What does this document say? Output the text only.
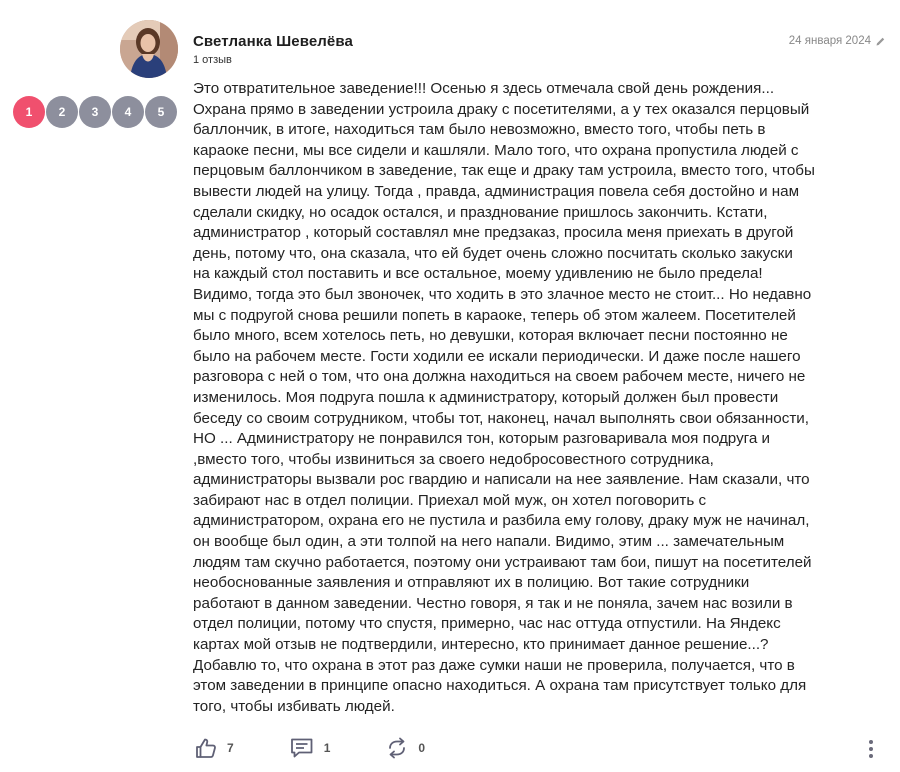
Светланка Шевелёва
1 отзыв
24 января 2024
1	2	3	4	5

Это отвратительное заведение!!! Осенью я здесь отмечала свой день рождения...
Охрана прямо в заведении устроила драку с посетителями, а у тех оказался перцовый
баллончик, в итоге, находиться там было невозможно, вместо того, чтобы петь в
караоке песни, мы все сидели и кашляли. Мало того, что охрана пропустила людей с
перцовым баллончиком в заведение, так еще и драку там устроила, вместо того, чтобы
вывести людей на улицу. Тогда , правда, администрация повела себя достойно и нам
сделали скидку, но осадок остался, и празднование пришлось закончить. Кстати,
администратор , который составлял мне предзаказ, просила меня приехать в другой
день, потому что, она сказала, что ей будет очень сложно посчитать сколько закуски
на каждый стол поставить и все остальное, моему удивлению не было предела!
Видимо, тогда это был звоночек, что ходить в это злачное место не стоит... Но недавно
мы с подругой снова решили попеть в караоке, теперь об этом жалеем. Посетителей
было много, всем хотелось петь, но девушки, которая включает песни постоянно не
было на рабочем месте. Гости ходили ее искали периодически. И даже после нашего
разговора с ней о том, что она должна находиться на своем рабочем месте, ничего не
изменилось. Моя подруга пошла к администратору, который должен был провести
беседу со своим сотрудником, чтобы тот, наконец, начал выполнять свои обязанности,
НО ... Администратору не понравился тон, которым разговаривала моя подруга и
,вместо того, чтобы извиниться за своего недобросовестного сотрудника,
администраторы вызвали рос гвардию и написали на нее заявление. Нам сказали, что
забирают нас в отдел полиции. Приехал мой муж, он хотел поговорить с
администратором, охрана его не пустила и разбила ему голову, драку муж не начинал,
он вообще был один, а эти толпой на него напали. Видимо, этим ... замечательным
людям там скучно работается, поэтому они устраивают там бои, пишут на посетителей
необоснованные заявления и отправляют их в полицию. Вот такие сотрудники
работают в данном заведении. Честно говоря, я так и не поняла, зачем нас возили в
отдел полиции, потому что спустя, примерно, час нас оттуда отпустили. На Яндекс
картах мой отзыв не подтвердили, интересно, кто принимает данное решение...?
Добавлю то, что охрана в этот раз даже сумки наши не проверила, получается, что в
этом заведении в принципе опасно находиться. А охрана там присутствует только для
того, чтобы избивать людей.

7	1	0
